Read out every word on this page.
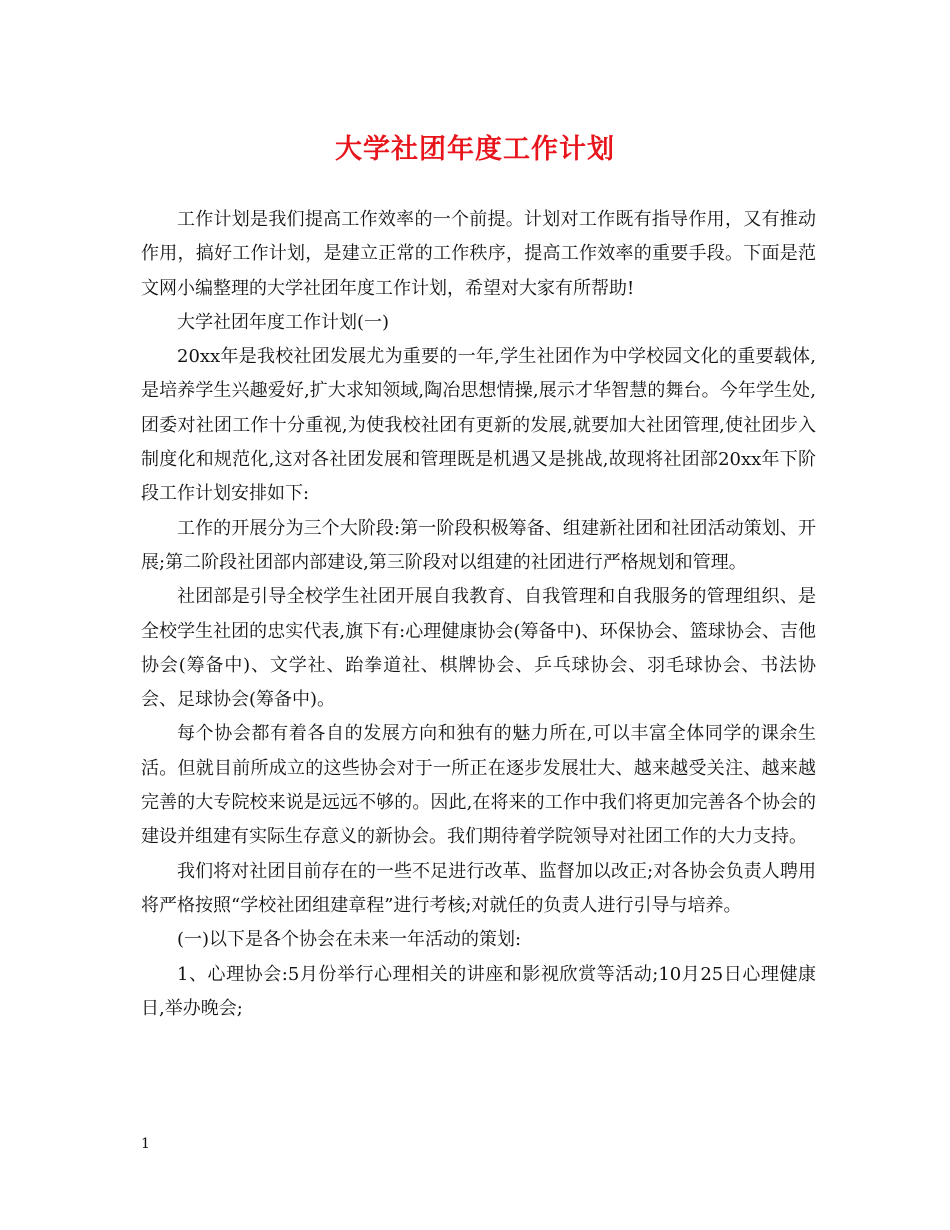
大学社团年度工作计划

工作计划是我们提高工作效率的一个前提。计划对工作既有指导作用，又有推动作用，搞好工作计划，是建立正常的工作秩序，提高工作效率的重要手段。下面是范文网小编整理的大学社团年度工作计划，希望对大家有所帮助!

大学社团年度工作计划(一)

20xx年是我校社团发展尤为重要的一年,学生社团作为中学校园文化的重要载体,是培养学生兴趣爱好,扩大求知领域,陶冶思想情操,展示才华智慧的舞台。今年学生处,团委对社团工作十分重视,为使我校社团有更新的发展,就要加大社团管理,使社团步入制度化和规范化,这对各社团发展和管理既是机遇又是挑战,故现将社团部20xx年下阶段工作计划安排如下:

工作的开展分为三个大阶段:第一阶段积极筹备、组建新社团和社团活动策划、开展;第二阶段社团部内部建设,第三阶段对以组建的社团进行严格规划和管理。

社团部是引导全校学生社团开展自我教育、自我管理和自我服务的管理组织、是全校学生社团的忠实代表,旗下有:心理健康协会(筹备中)、环保协会、篮球协会、吉他协会(筹备中)、文学社、跆拳道社、棋牌协会、乒乓球协会、羽毛球协会、书法协会、足球协会(筹备中)。

每个协会都有着各自的发展方向和独有的魅力所在,可以丰富全体同学的课余生活。但就目前所成立的这些协会对于一所正在逐步发展壮大、越来越受关注、越来越完善的大专院校来说是远远不够的。因此,在将来的工作中我们将更加完善各个协会的建设并组建有实际生存意义的新协会。我们期待着学院领导对社团工作的大力支持。

我们将对社团目前存在的一些不足进行改革、监督加以改正;对各协会负责人聘用将严格按照“学校社团组建章程”进行考核;对就任的负责人进行引导与培养。

(一)以下是各个协会在未来一年活动的策划:

1、心理协会:5月份举行心理相关的讲座和影视欣赏等活动;10月25日心理健康日,举办晚会;

1
